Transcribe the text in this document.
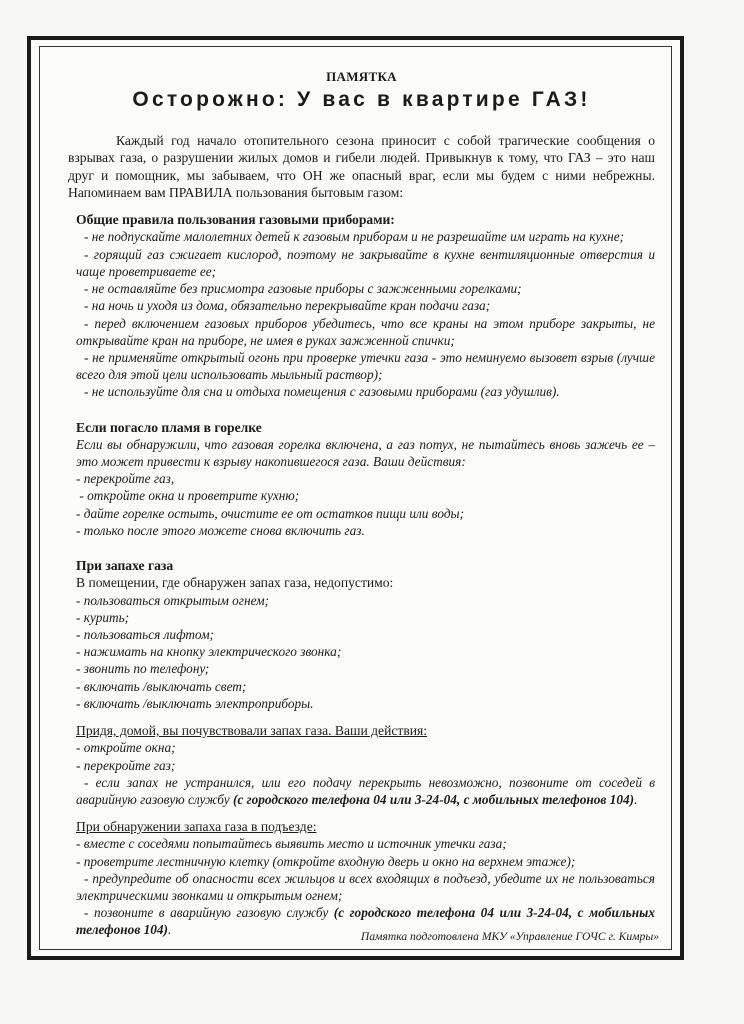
ПАМЯТКА

Осторожно: У вас в квартире ГАЗ!

Каждый год начало отопительного сезона приносит с собой трагические сообщения о взрывах газа, о разрушении жилых домов и гибели людей. Привыкнув к тому, что ГАЗ – это наш друг и помощник, мы забываем, что ОН же опасный враг, если мы будем с ними небрежны. Напоминаем вам ПРАВИЛА пользования бытовым газом:

Общие правила пользования газовыми приборами:

- не подпускайте малолетних детей к газовым приборам и не разрешайте им играть на кухне;

- горящий газ сжигает кислород, поэтому не закрывайте в кухне вентиляционные отверстия и чаще проветриваете ее;

- не оставляйте без присмотра газовые приборы с зажженными горелками;

- на ночь и уходя из дома, обязательно перекрывайте кран подачи газа;

- перед включением газовых приборов убедитесь, что все краны на этом приборе закрыты, не открывайте кран на приборе, не имея в руках зажженной спички;

- не применяйте открытый огонь при проверке утечки газа - это неминуемо вызовет взрыв (лучше всего для этой цели использовать мыльный раствор);

- не используйте для сна и отдыха помещения с газовыми приборами (газ удушлив).

Если погасло пламя в горелке

Если вы обнаружили, что газовая горелка включена, а газ потух, не пытайтесь вновь зажечь ее – это может привести к взрыву накопившегося газа. Ваши действия:

- перекройте газ,

- откройте окна и проветрите кухню;

- дайте горелке остыть, очистите ее от остатков пищи или воды;

- только после этого можете снова включить газ.

При запахе газа

В помещении, где обнаружен запах газа, недопустимо:

- пользоваться открытым огнем;

- курить;

- пользоваться лифтом;

- нажимать на кнопку электрического звонка;

- звонить по телефону;

- включать /выключать свет;

- включать /выключать электроприборы.

Придя, домой, вы почувствовали запах газа. Ваши действия:

- откройте окна;

- перекройте газ;

- если запах не устранился, или его подачу перекрыть невозможно, позвоните от соседей в аварийную газовую службу (с городского телефона 04 или 3-24-04, с мобильных телефонов 104).

При обнаружении запаха газа в подъезде:

- вместе с соседями попытайтесь выявить место и источник утечки газа;

- проветрите лестничную клетку (откройте входную дверь и окно на верхнем этаже);

- предупредите об опасности всех жильцов и всех входящих в подъезд, убедите их не пользоваться электрическими звонками и открытым огнем;

- позвоните в аварийную газовую службу (с городского телефона 04 или 3-24-04, с мобильных телефонов 104).	Памятка подготовлена МКУ «Управление ГОЧС г. Кимры»
